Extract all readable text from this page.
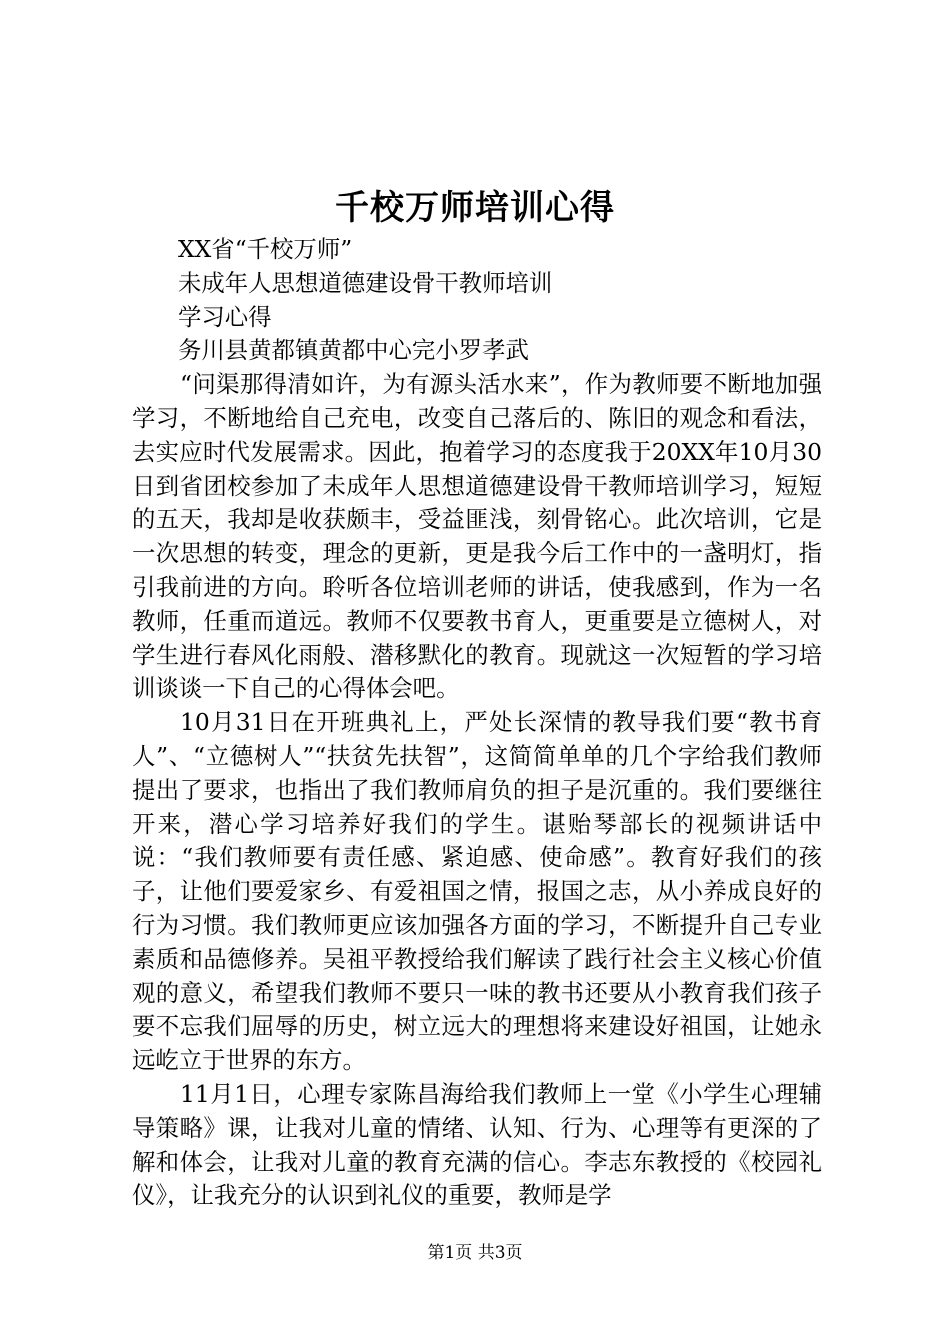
千校万师培训心得
XX省“千校万师”
未成年人思想道德建设骨干教师培训
学习心得
务川县黄都镇黄都中心完小罗孝武

“问渠那得清如许，为有源头活水来”，作为教师要不断地加强学习，不断地给自己充电，改变自己落后的、陈旧的观念和看法，去实应时代发展需求。因此，抱着学习的态度我于20XX年10月30日到省团校参加了未成年人思想道德建设骨干教师培训学习，短短的五天，我却是收获颇丰，受益匪浅，刻骨铭心。此次培训，它是一次思想的转变，理念的更新，更是我今后工作中的一盏明灯，指引我前进的方向。聆听各位培训老师的讲话，使我感到，作为一名教师，任重而道远。教师不仅要教书育人，更重要是立德树人，对学生进行春风化雨般、潜移默化的教育。现就这一次短暂的学习培训谈谈一下自己的心得体会吧。

10月31日在开班典礼上，严处长深情的教导我们要“教书育人”、“立德树人”“扶贫先扶智”，这简简单单的几个字给我们教师提出了要求，也指出了我们教师肩负的担子是沉重的。我们要继往开来，潜心学习培养好我们的学生。谌贻琴部长的视频讲话中说：“我们教师要有责任感、紧迫感、使命感”。教育好我们的孩子，让他们要爱家乡、有爱祖国之情，报国之志，从小养成良好的行为习惯。我们教师更应该加强各方面的学习，不断提升自己专业素质和品德修养。吴祖平教授给我们解读了践行社会主义核心价值观的意义，希望我们教师不要只一味的教书还要从小教育我们孩子要不忘我们屈辱的历史，树立远大的理想将来建设好祖国，让她永远屹立于世界的东方。

11月1日，心理专家陈昌海给我们教师上一堂《小学生心理辅导策略》课，让我对儿童的情绪、认知、行为、心理等有更深的了解和体会，让我对儿童的教育充满的信心。李志东教授的《校园礼仪》，让我充分的认识到礼仪的重要，教师是学

第1页 共3页
